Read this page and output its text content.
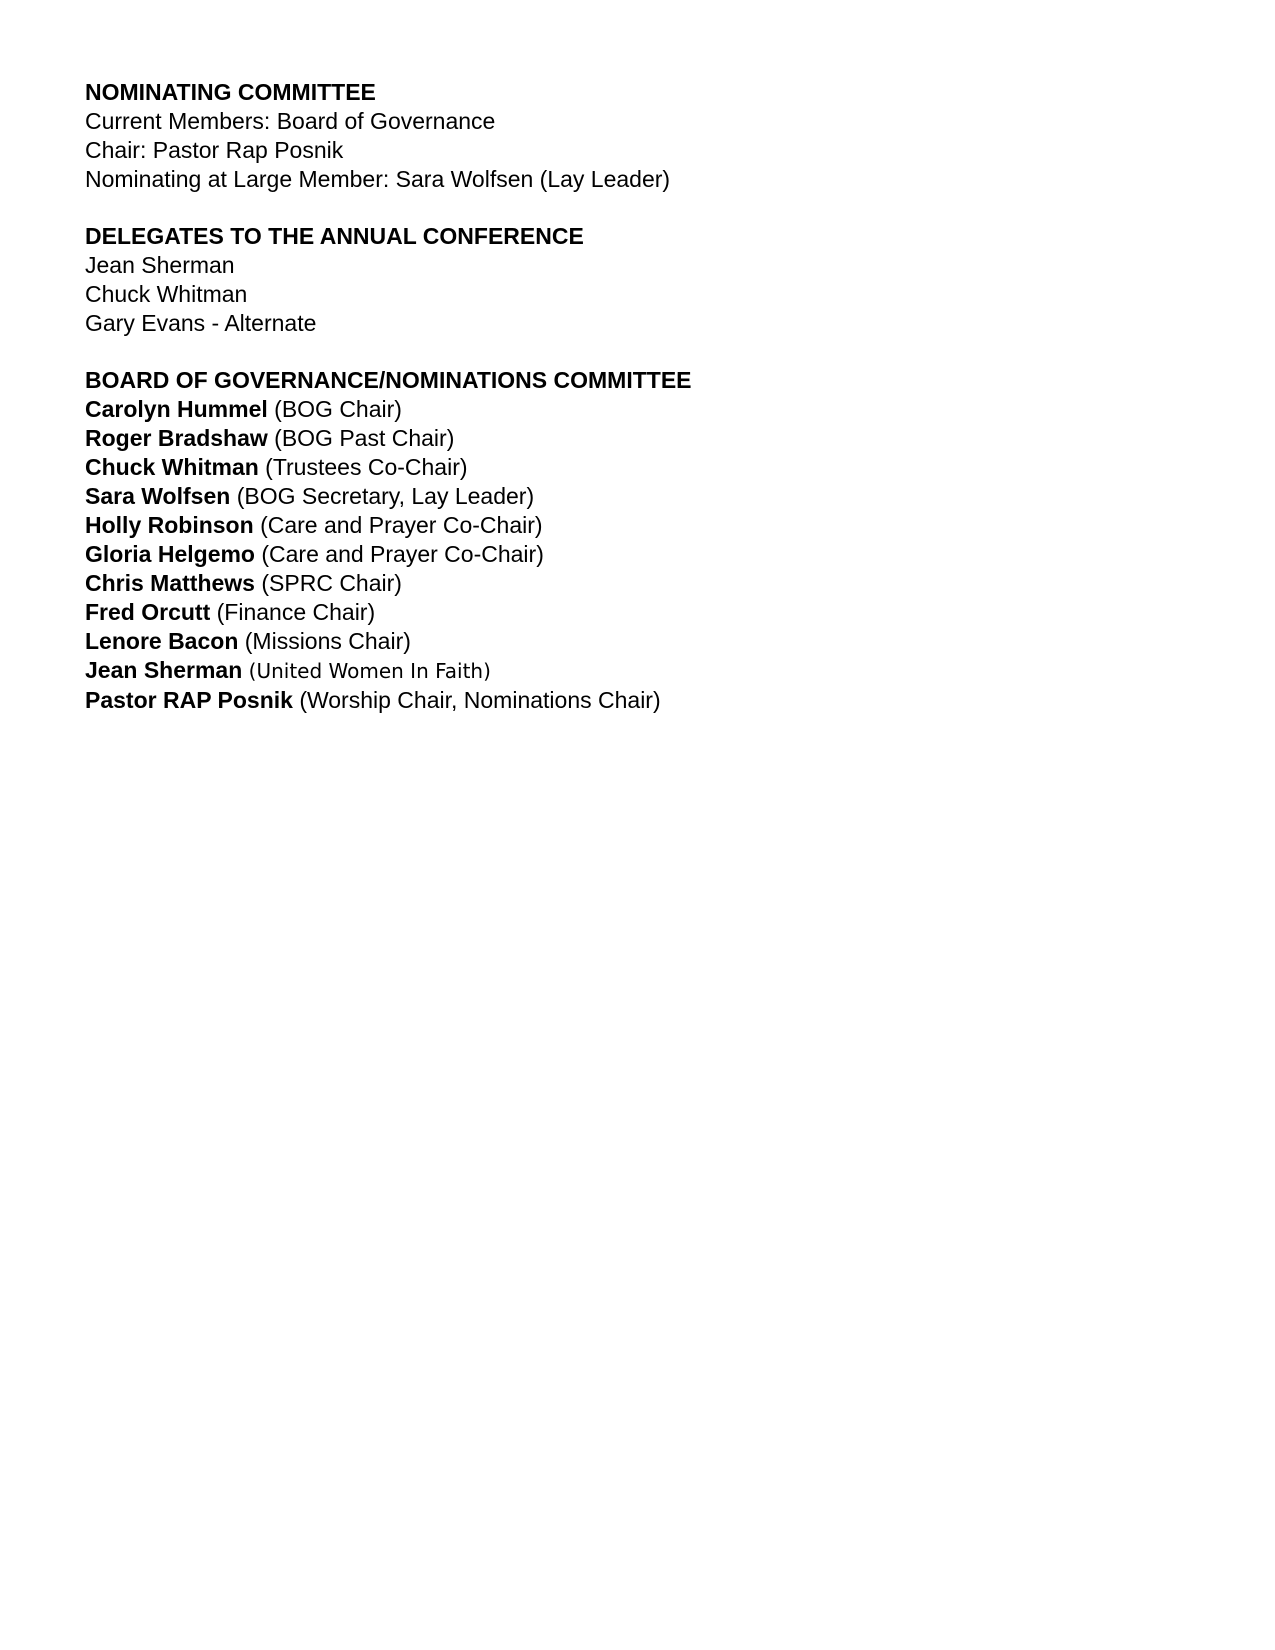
NOMINATING COMMITTEE
Current Members: Board of Governance
Chair: Pastor Rap Posnik
Nominating at Large Member: Sara Wolfsen (Lay Leader)
DELEGATES TO THE ANNUAL CONFERENCE
Jean Sherman
Chuck Whitman
Gary Evans - Alternate
BOARD OF GOVERNANCE/NOMINATIONS COMMITTEE
Carolyn Hummel (BOG Chair)
Roger Bradshaw (BOG Past Chair)
Chuck Whitman (Trustees Co-Chair)
Sara Wolfsen (BOG Secretary, Lay Leader)
Holly Robinson (Care and Prayer Co-Chair)
Gloria Helgemo (Care and Prayer Co-Chair)
Chris Matthews (SPRC Chair)
Fred Orcutt (Finance Chair)
Lenore Bacon (Missions Chair)
Jean Sherman (United Women In Faith)
Pastor RAP Posnik (Worship Chair, Nominations Chair)
